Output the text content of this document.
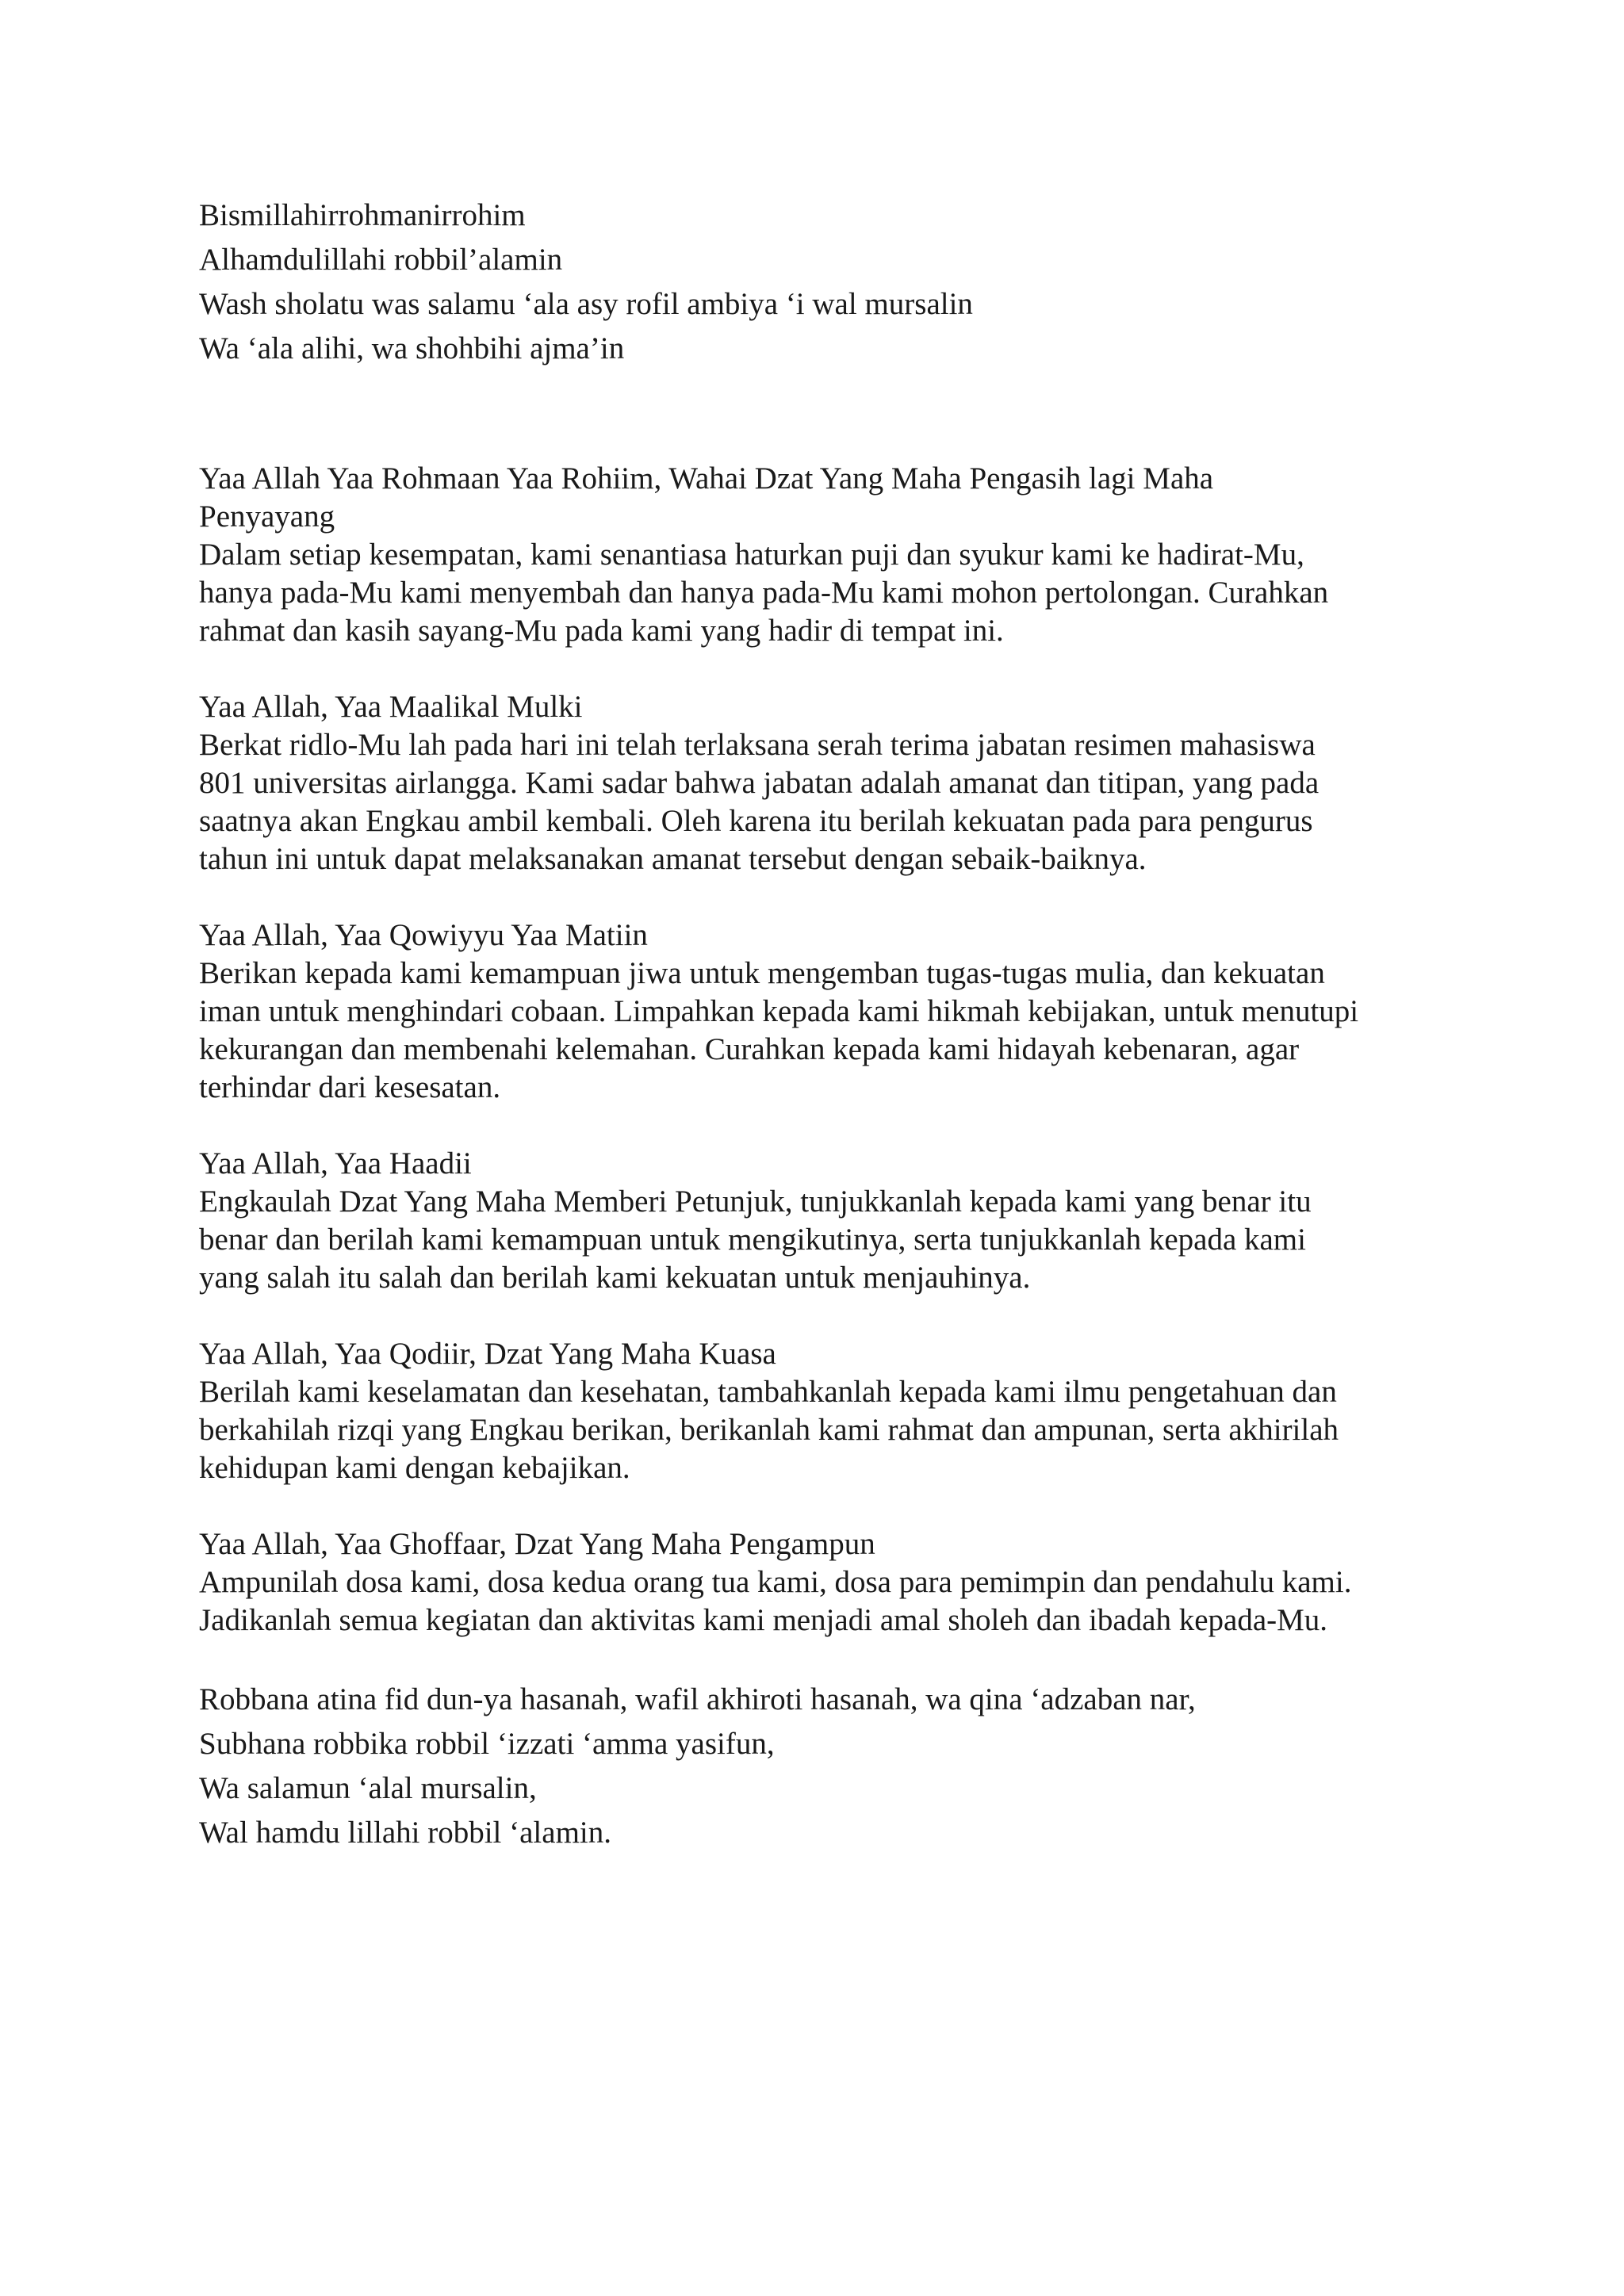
Bismillahirrohmanirrohim
Alhamdulillahi robbil’alamin
Wash sholatu was salamu ‘ala asy rofil ambiya ‘i wal mursalin
Wa ‘ala alihi, wa shohbihi ajma’in
Yaa Allah Yaa Rohmaan Yaa Rohiim, Wahai Dzat Yang Maha Pengasih lagi Maha
Penyayang
Dalam setiap kesempatan, kami senantiasa haturkan puji dan syukur kami ke hadirat-Mu,
hanya pada-Mu kami menyembah dan hanya pada-Mu kami mohon pertolongan. Curahkan
rahmat dan kasih sayang-Mu pada kami yang hadir di tempat ini.
Yaa Allah, Yaa Maalikal Mulki
Berkat ridlo-Mu lah pada hari ini telah terlaksana serah terima jabatan resimen mahasiswa
801 universitas airlangga. Kami sadar bahwa jabatan adalah amanat dan titipan, yang pada
saatnya akan Engkau ambil kembali. Oleh karena itu berilah kekuatan pada para pengurus
tahun ini untuk dapat melaksanakan amanat tersebut dengan sebaik-baiknya.
Yaa Allah, Yaa Qowiyyu Yaa Matiin
Berikan kepada kami kemampuan jiwa untuk mengemban tugas-tugas mulia, dan kekuatan
iman untuk menghindari cobaan. Limpahkan kepada kami hikmah kebijakan, untuk menutupi
kekurangan dan membenahi kelemahan. Curahkan kepada kami hidayah kebenaran, agar
terhindar dari kesesatan.
Yaa Allah, Yaa Haadii
Engkaulah Dzat Yang Maha Memberi Petunjuk, tunjukkanlah kepada kami yang benar itu
benar dan berilah kami kemampuan untuk mengikutinya, serta tunjukkanlah kepada kami
yang salah itu salah dan berilah kami kekuatan untuk menjauhinya.
Yaa Allah, Yaa Qodiir, Dzat Yang Maha Kuasa
Berilah kami keselamatan dan kesehatan, tambahkanlah kepada kami ilmu pengetahuan dan
berkahilah rizqi yang Engkau berikan, berikanlah kami rahmat dan ampunan, serta akhirilah
kehidupan kami dengan kebajikan.
Yaa Allah, Yaa Ghoffaar, Dzat Yang Maha Pengampun
Ampunilah dosa kami, dosa kedua orang tua kami, dosa para pemimpin dan pendahulu kami.
Jadikanlah semua kegiatan dan aktivitas kami menjadi amal sholeh dan ibadah kepada-Mu.
Robbana atina fid dun-ya hasanah, wafil akhiroti hasanah, wa qina ‘adzaban nar,
Subhana robbika robbil ‘izzati ‘amma yasifun,
Wa salamun ‘alal mursalin,
Wal hamdu lillahi robbil ‘alamin.
